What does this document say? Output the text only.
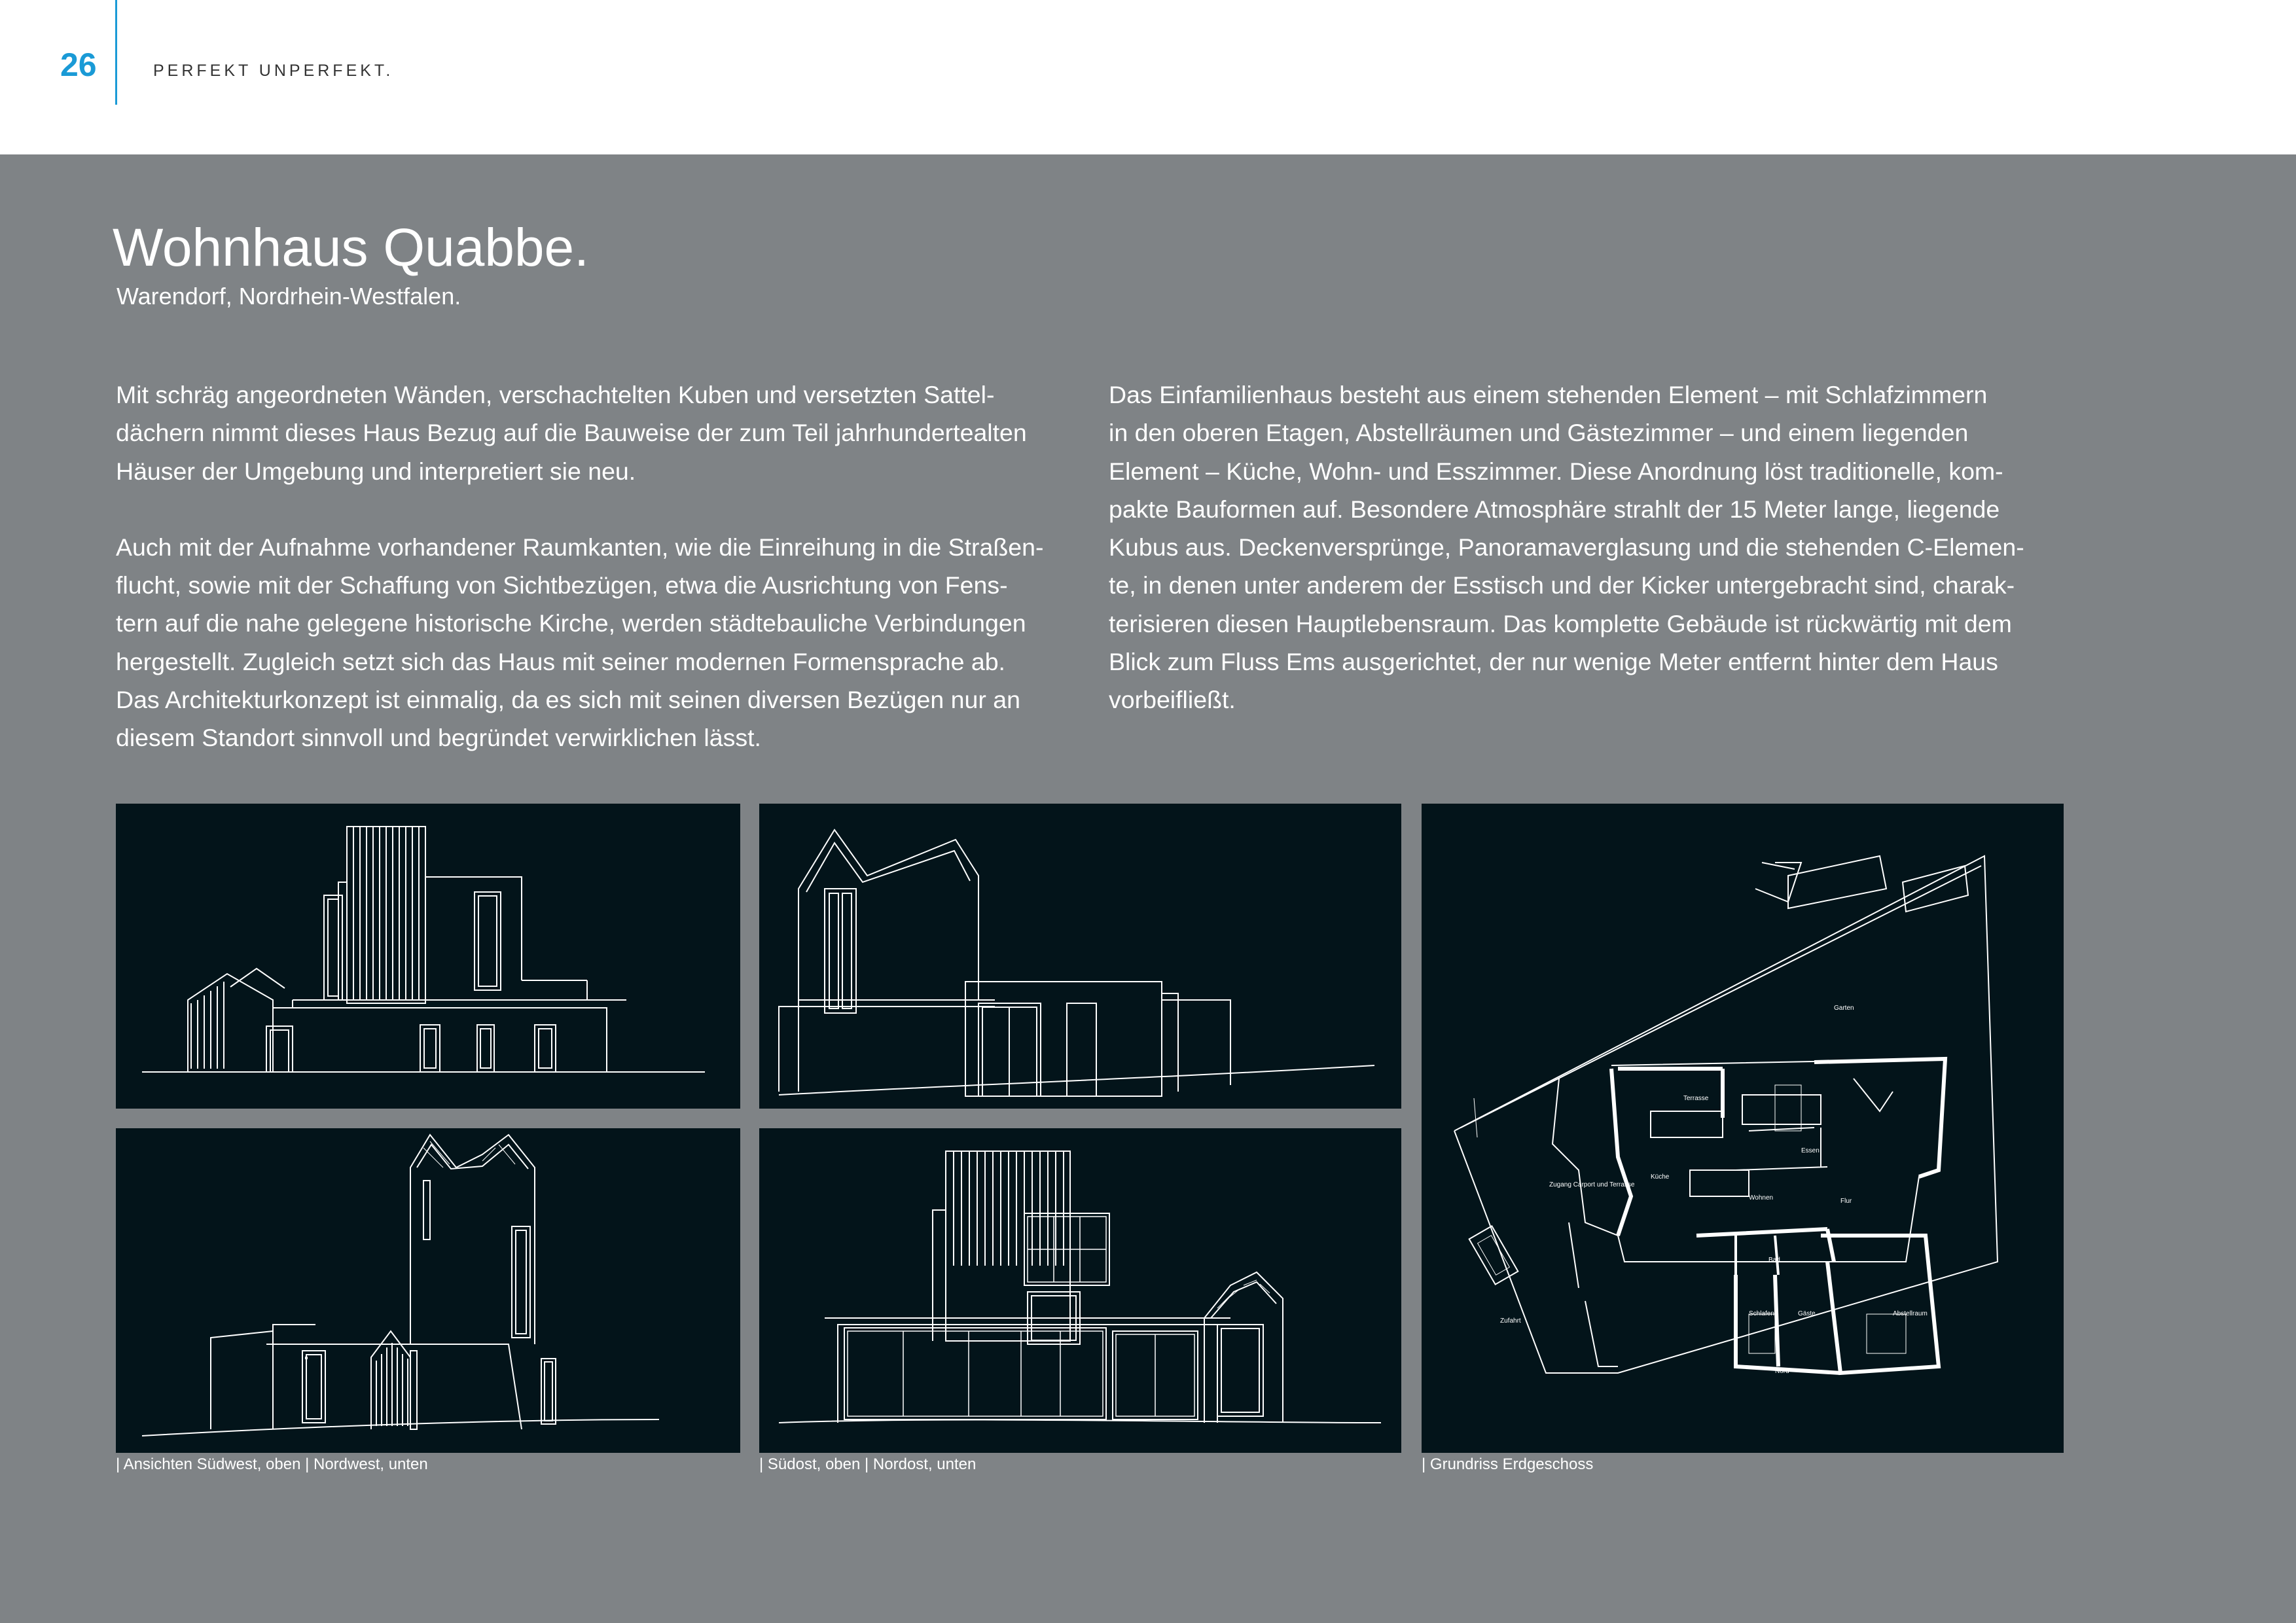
26	PERFEKT UNPERFEKT.
Wohnhaus Quabbe.
Warendorf, Nordrhein-Westfalen.

Mit schräg angeordneten Wänden, verschachtelten Kuben und versetzten Sattel-
dächern nimmt dieses Haus Bezug auf die Bauweise der zum Teil jahrhundertealten
Häuser der Umgebung und interpretiert sie neu.

Auch mit der Aufnahme vorhandener Raumkanten, wie die Einreihung in die Straßen-
flucht, sowie mit der Schaffung von Sichtbezügen, etwa die Ausrichtung von Fens-
tern auf die nahe gelegene historische Kirche, werden städtebauliche Verbindungen
hergestellt. Zugleich setzt sich das Haus mit seiner modernen Formensprache ab.
Das Architekturkonzept ist einmalig, da es sich mit seinen diversen Bezügen nur an
diesem Standort sinnvoll und begründet verwirklichen lässt.

Das Einfamilienhaus besteht aus einem stehenden Element – mit Schlafzimmern
in den oberen Etagen, Abstellräumen und Gästezimmer – und einem liegenden
Element – Küche, Wohn- und Esszimmer. Diese Anordnung löst traditionelle, kom-
pakte Bauformen auf. Besondere Atmosphäre strahlt der 15 Meter lange, liegende
Kubus aus. Deckenversprünge, Panoramaverglasung und die stehenden C-Elemen-
te, in denen unter anderem der Esstisch und der Kicker untergebracht sind, charak-
terisieren diesen Hauptlebensraum. Das komplette Gebäude ist rückwärtig mit dem
Blick zum Fluss Ems ausgerichtet, der nur wenige Meter entfernt hinter dem Haus
vorbeifließt.

Garten
Terrasse
Wohnen
Küche
Essen
Zugang Carport und Terrasse
Zufahrt
Bad
Schlafen	Gäste	Abstellraum
Flur
Nord
| Ansichten Südwest, oben | Nordwest, unten	| Südost, oben | Nordost, unten	| Grundriss Erdgeschoss
